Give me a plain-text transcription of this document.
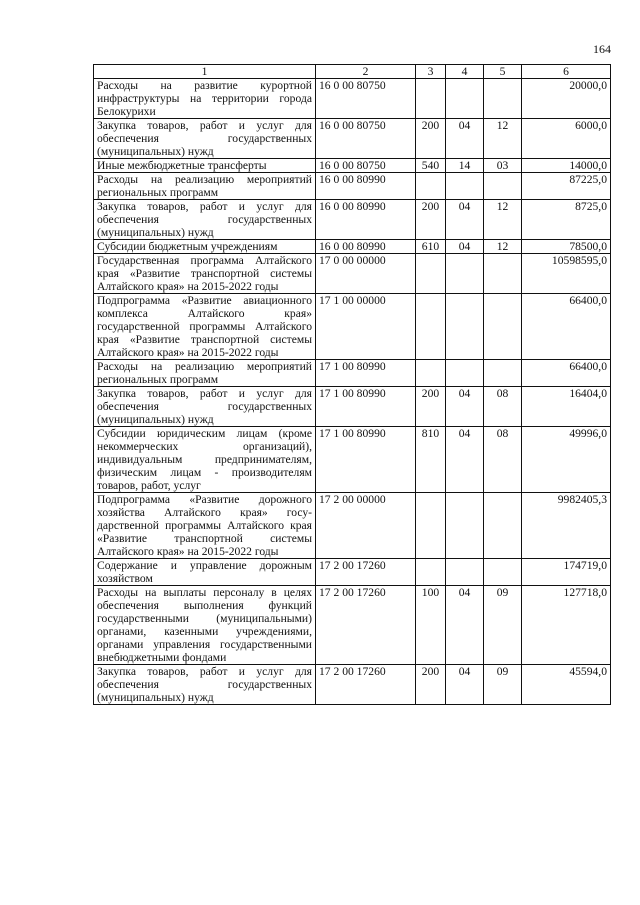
164
1	2	3	4	5	6
Расходы на развитие курортной инфраструктуры на территории города Белокурихи	16 0 00 80750				20000,0
Закупка товаров, работ и услуг для обеспечения государственных (муниципальных) нужд	16 0 00 80750	200	04	12	6000,0
Иные межбюджетные трансферты	16 0 00 80750	540	14	03	14000,0
Расходы на реализацию мероприятий региональных программ	16 0 00 80990				87225,0
Закупка товаров, работ и услуг для обеспечения государственных (муниципальных) нужд	16 0 00 80990	200	04	12	8725,0
Субсидии бюджетным учреждениям	16 0 00 80990	610	04	12	78500,0
Государственная программа Алтайского края «Развитие транспортной системы Алтайского края» на 2015-2022 годы	17 0 00 00000				10598595,0
Подпрограмма «Развитие авиационного комплекса Алтайского края» государственной программы Алтайского края «Развитие транспортной системы Алтайского края» на 2015-2022 годы	17 1 00 00000				66400,0
Расходы на реализацию мероприятий региональных программ	17 1 00 80990				66400,0
Закупка товаров, работ и услуг для обеспечения государственных (муниципальных) нужд	17 1 00 80990	200	04	08	16404,0
Субсидии юридическим лицам (кроме некоммерческих организаций), индивидуальным предпринимателям, физическим лицам - производителям товаров, работ, услуг	17 1 00 80990	810	04	08	49996,0
Подпрограмма «Развитие дорожного хозяйства Алтайского края» государственной программы Алтайского края «Развитие транспортной системы Алтайского края» на 2015-2022 годы	17 2 00 00000				9982405,3
Содержание и управление дорожным хозяйством	17 2 00 17260				174719,0
Расходы на выплаты персоналу в целях обеспечения выполнения функций государственными (муниципальными) органами, казенными учреждениями, органами управления государственными внебюджетными фондами	17 2 00 17260	100	04	09	127718,0
Закупка товаров, работ и услуг для обеспечения государственных (муниципальных) нужд	17 2 00 17260	200	04	09	45594,0
